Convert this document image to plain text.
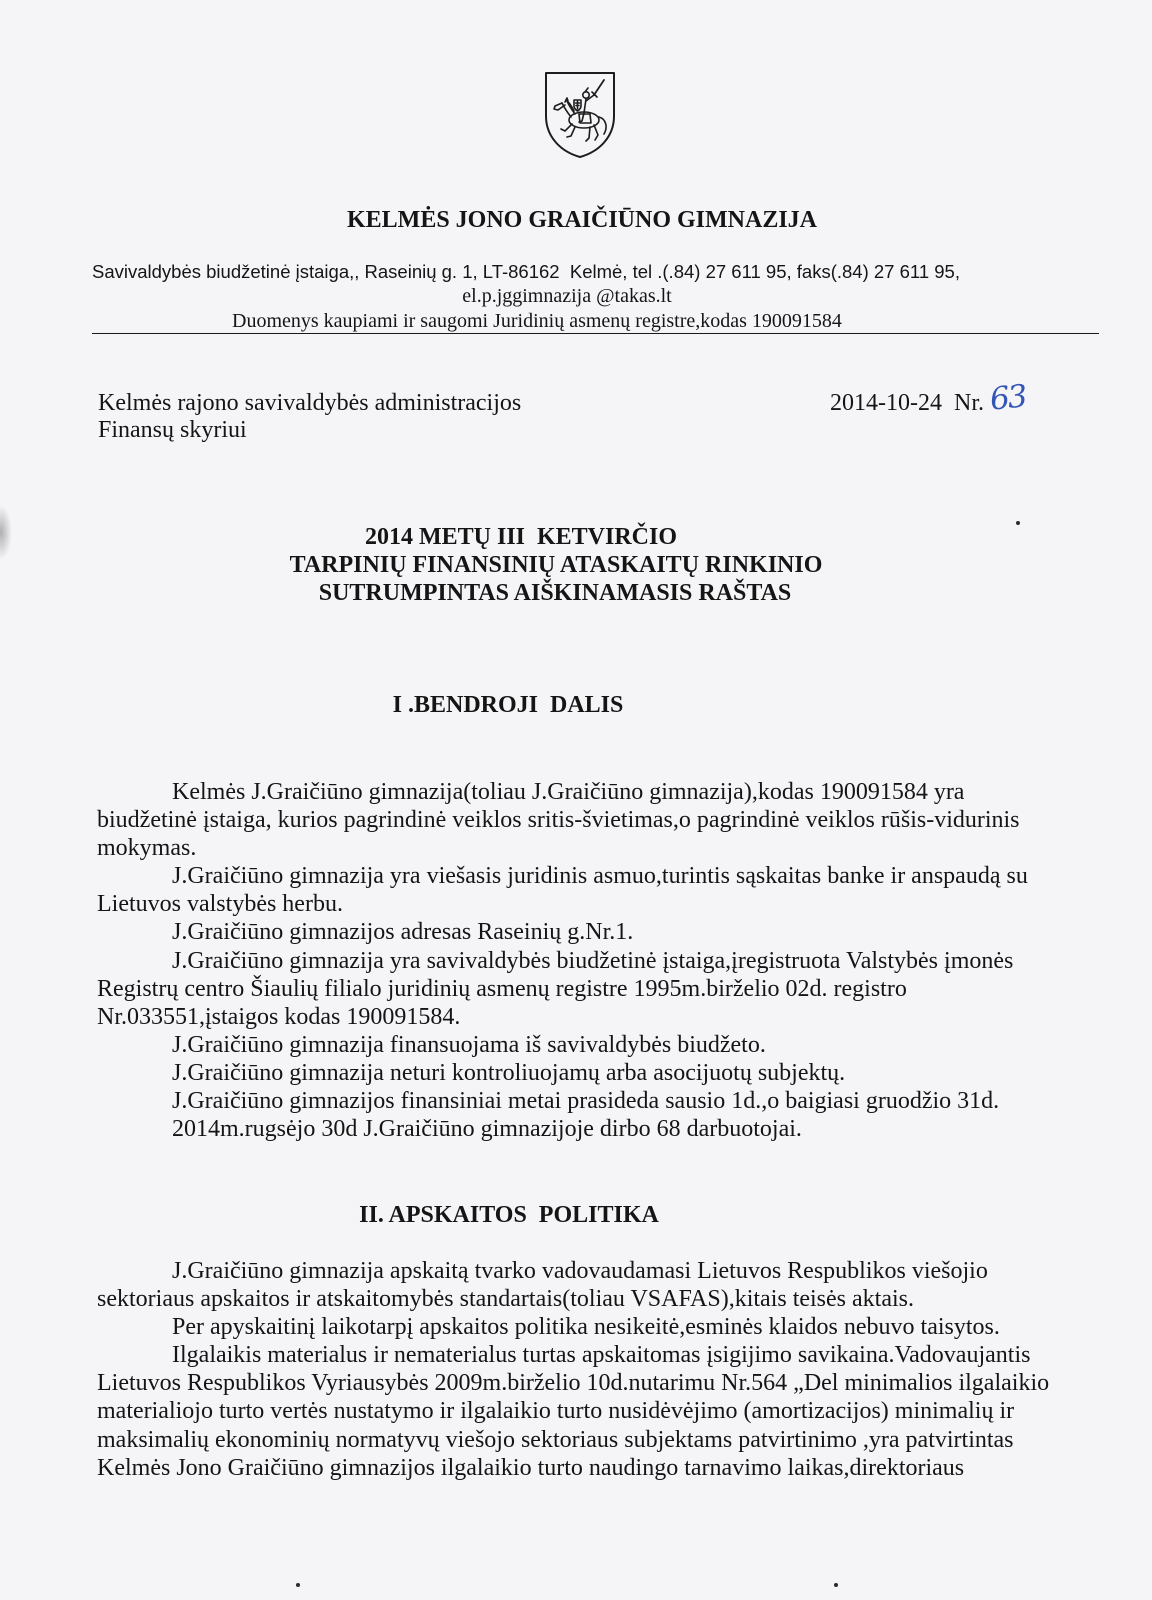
KELMĖS JONO GRAIČIŪNO GIMNAZIJA
Savivaldybės biudžetinė įstaiga,, Raseinių g. 1, LT-86162  Kelmė, tel .(.84) 27 611 95, faks(.84) 27 611 95,
el.p.jggimnazija @takas.lt
Duomenys kaupiami ir saugomi Juridinių asmenų registre,kodas 190091584
Kelmės rajono savivaldybės administracijos
Finansų skyriui
2014-10-24 Nr. 63
2014 METŲ III  KETVIRČIO
TARPINIŲ FINANSINIŲ ATASKAITŲ RINKINIO
SUTRUMPINTAS AIŠKINAMASIS RAŠTAS
I .BENDROJI  DALIS
Kelmės J.Graičiūno gimnazija(toliau J.Graičiūno gimnazija),kodas 190091584 yra
biudžetinė įstaiga, kurios pagrindinė veiklos sritis-švietimas,o pagrindinė veiklos rūšis-vidurinis
mokymas.
J.Graičiūno gimnazija yra viešasis juridinis asmuo,turintis sąskaitas banke ir anspaudą su
Lietuvos valstybės herbu.
J.Graičiūno gimnazijos adresas Raseinių g.Nr.1.
J.Graičiūno gimnazija yra savivaldybės biudžetinė įstaiga,įregistruota Valstybės įmonės
Registrų centro Šiaulių filialo juridinių asmenų registre 1995m.birželio 02d. registro
Nr.033551,įstaigos kodas 190091584.
J.Graičiūno gimnazija finansuojama iš savivaldybės biudžeto.
J.Graičiūno gimnazija neturi kontroliuojamų arba asocijuotų subjektų.
J.Graičiūno gimnazijos finansiniai metai prasideda sausio 1d.,o baigiasi gruodžio 31d.
2014m.rugsėjo 30d J.Graičiūno gimnazijoje dirbo 68 darbuotojai.
II. APSKAITOS  POLITIKA
J.Graičiūno gimnazija apskaitą tvarko vadovaudamasi Lietuvos Respublikos viešojio
sektoriaus apskaitos ir atskaitomybės standartais(toliau VSAFAS),kitais teisės aktais.
Per apyskaitinį laikotarpį apskaitos politika nesikeitė,esminės klaidos nebuvo taisytos.
Ilgalaikis materialus ir nematerialus turtas apskaitomas įsigijimo savikaina.Vadovaujantis
Lietuvos Respublikos Vyriausybės 2009m.birželio 10d.nutarimu Nr.564 „Del minimalios ilgalaikio
materialiojo turto vertės nustatymo ir ilgalaikio turto nusidėvėjimo (amortizacijos) minimalių ir
maksimalių ekonominių normatyvų viešojo sektoriaus subjektams patvirtinimo ,yra patvirtintas
Kelmės Jono Graičiūno gimnazijos ilgalaikio turto naudingo tarnavimo laikas,direktoriaus
